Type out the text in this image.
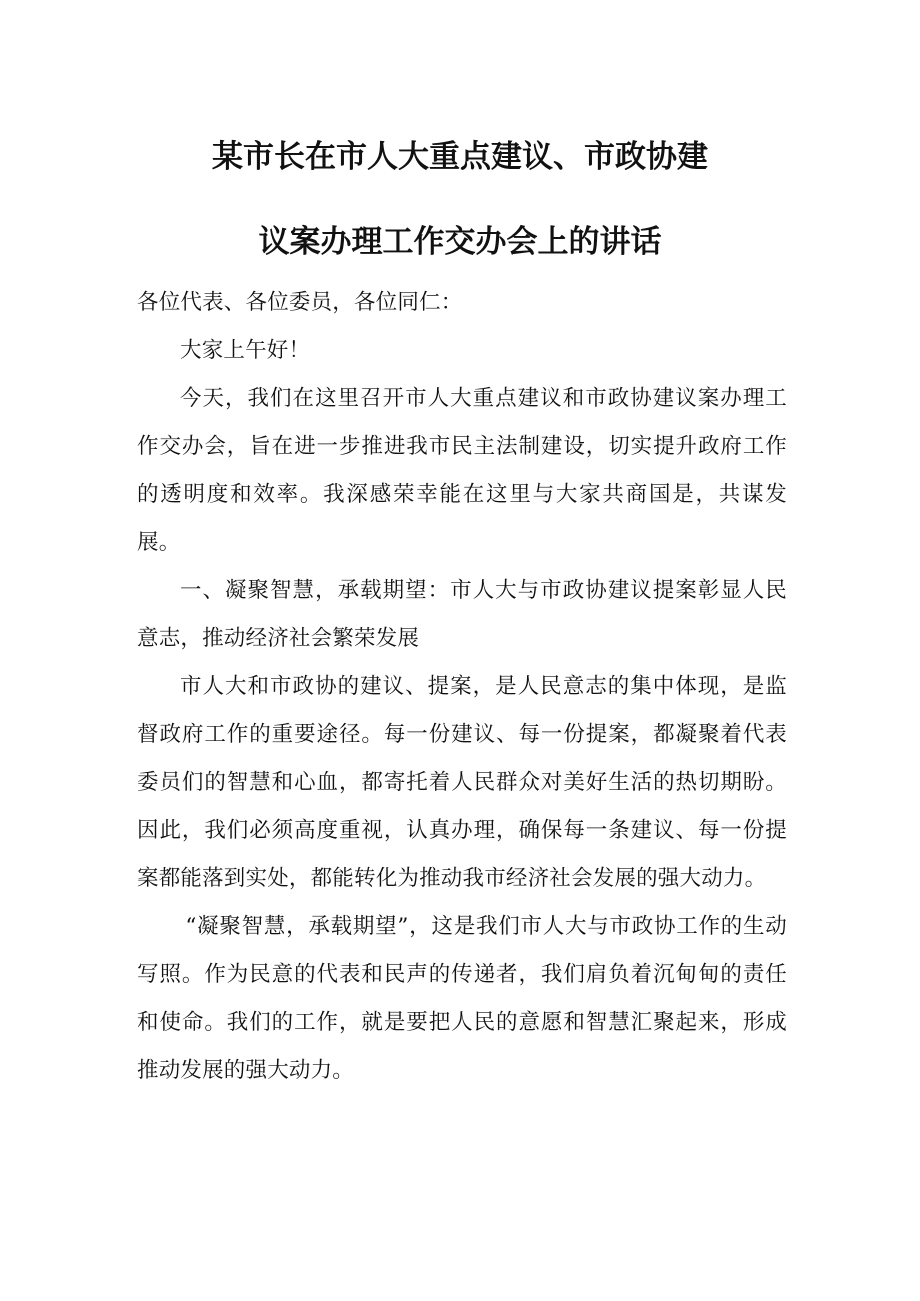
某市长在市人大重点建议、市政协建
议案办理工作交办会上的讲话

各位代表、各位委员，各位同仁：

大家上午好！

今天，我们在这里召开市人大重点建议和市政协建议案办理工作交办会，旨在进一步推进我市民主法制建设，切实提升政府工作的透明度和效率。我深感荣幸能在这里与大家共商国是，共谋发展。

一、凝聚智慧，承载期望：市人大与市政协建议提案彰显人民意志，推动经济社会繁荣发展

市人大和市政协的建议、提案，是人民意志的集中体现，是监督政府工作的重要途径。每一份建议、每一份提案，都凝聚着代表委员们的智慧和心血，都寄托着人民群众对美好生活的热切期盼。因此，我们必须高度重视，认真办理，确保每一条建议、每一份提案都能落到实处，都能转化为推动我市经济社会发展的强大动力。

“凝聚智慧，承载期望”，这是我们市人大与市政协工作的生动写照。作为民意的代表和民声的传递者，我们肩负着沉甸甸的责任和使命。我们的工作，就是要把人民的意愿和智慧汇聚起来，形成推动发展的强大动力。
